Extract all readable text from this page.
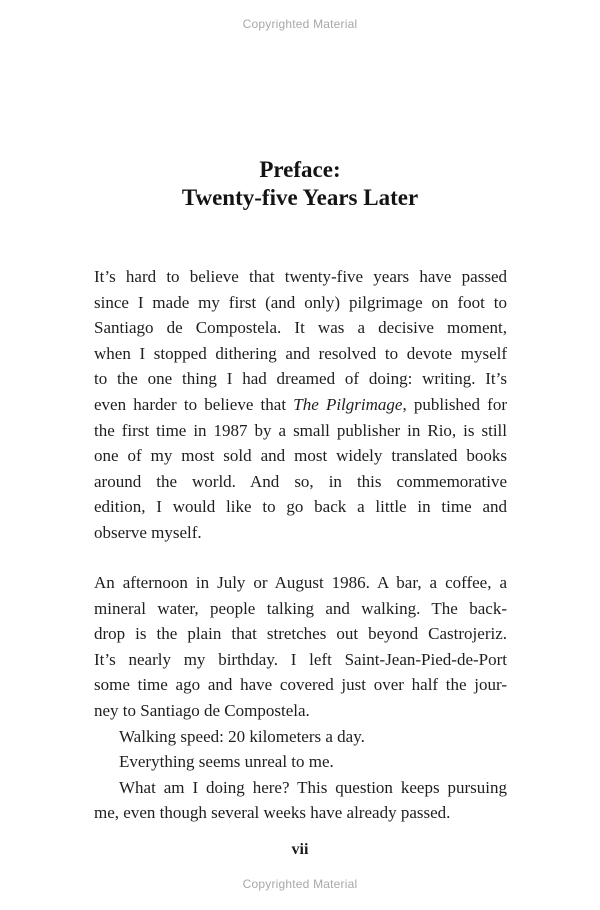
Copyrighted Material
Preface:
Twenty-five Years Later
It’s hard to believe that twenty-five years have passed
since I made my first (and only) pilgrimage on foot to
Santiago de Compostela. It was a decisive moment,
when I stopped dithering and resolved to devote myself
to the one thing I had dreamed of doing: writing. It’s
even harder to believe that The Pilgrimage, published for
the first time in 1987 by a small publisher in Rio, is still
one of my most sold and most widely translated books
around the world. And so, in this commemorative
edition, I would like to go back a little in time and
observe myself.
An afternoon in July or August 1986. A bar, a coffee, a
mineral water, people talking and walking. The back-
drop is the plain that stretches out beyond Castrojeriz.
It’s nearly my birthday. I left Saint-Jean-Pied-de-Port
some time ago and have covered just over half the jour-
ney to Santiago de Compostela.
Walking speed: 20 kilometers a day.
Everything seems unreal to me.
What am I doing here? This question keeps pursuing
me, even though several weeks have already passed.
vii
Copyrighted Material
